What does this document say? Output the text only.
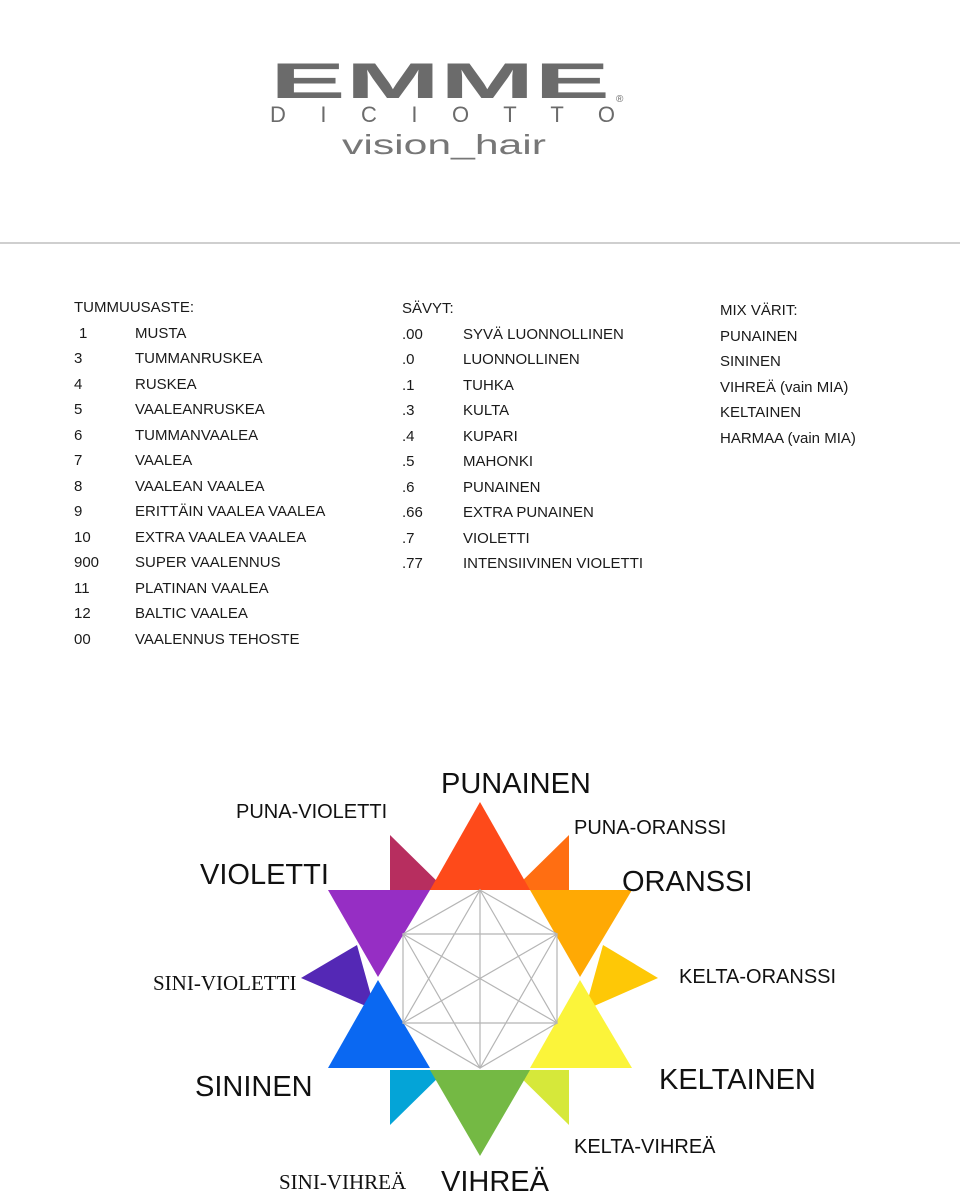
EMME ®
D I C I O T T O
vision_hair
TUMMUUSASTE:
1	MUSTA
3	TUMMANRUSKEA
4	RUSKEA
5	VAALEANRUSKEA
6	TUMMANVAALEA
7	VAALEA
8	VAALEAN VAALEA
9	ERITTÄIN VAALEA VAALEA
10	EXTRA VAALEA VAALEA
900 SUPER VAALENNUS
11	PLATINAN VAALEA
12	BALTIC VAALEA
00	VAALENNUS TEHOSTE
SÄVYT:
.00	SYVÄ LUONNOLLINEN
.0	LUONNOLLINEN
.1	TUHKA
.3	KULTA
.4	KUPARI
.5	MAHONKI
.6	PUNAINEN
.66	EXTRA PUNAINEN
.7	VIOLETTI
.77	INTENSIIVINEN VIOLETTI
MIX VÄRIT:
PUNAINEN
SININEN
VIHREÄ (vain MIA)
KELTAINEN
HARMAA (vain MIA)
PUNAINEN
PUNA-VIOLETTI
PUNA-ORANSSI
VIOLETTI	ORANSSI
SINI-VIOLETTI	KELTA-ORANSSI
SININEN	KELTAINEN
KELTA-VIHREÄ
SINI-VIHREÄ VIHREÄ
